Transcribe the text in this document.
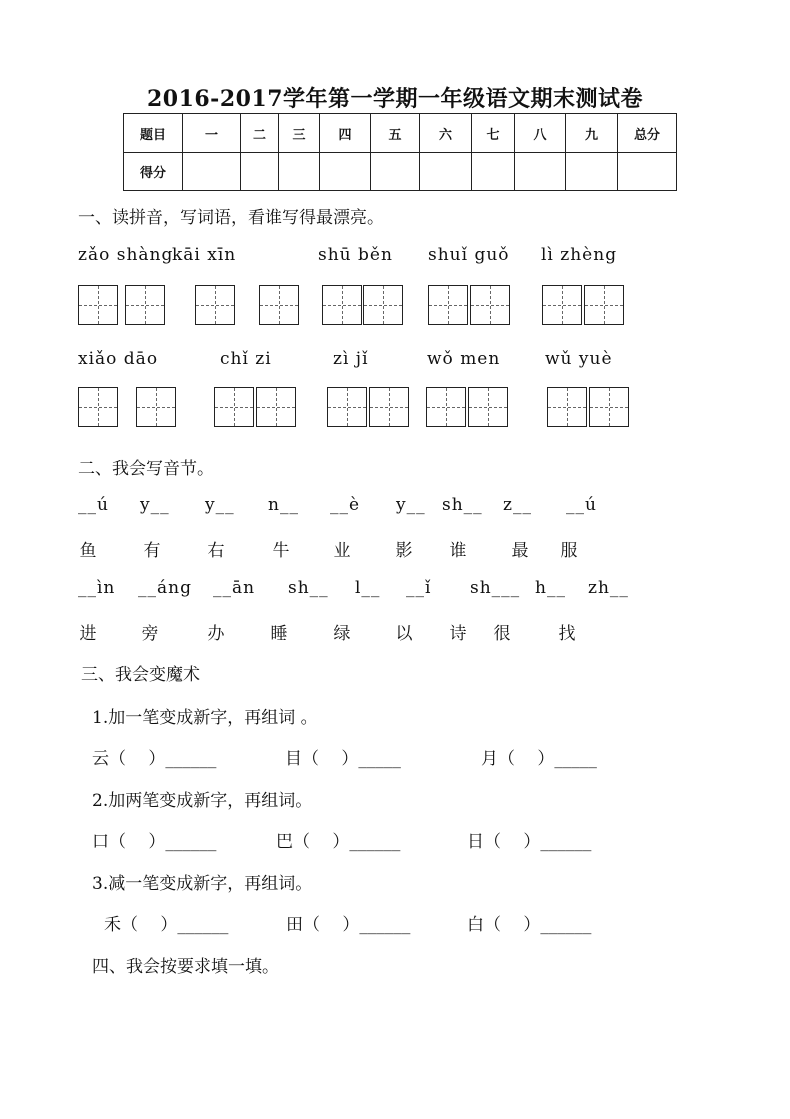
2016-2017学年第一学期一年级语文期末测试卷
题目	一	二	三	四	五	六	七	八	九	总分
得分										
一、读拼音，写词语，看谁写得最漂亮。
zǎo shàng
kāi xīn	shū běn shuǐ guǒ lì zhèng
xiǎo dāo	chǐ zi	zì jǐ	wǒ men	wǔ yuè
二、我会写音节。
__ú y__ y__ n__ __è y__ sh__ z__ __ú
鱼	有	右	牛	业	影	谁	最	服
__ìn __áng __ān sh__ l__ __ǐ sh___ h__ zh__
进	旁	办	睡	绿	以	诗	很	找
三、我会变魔术
1.加一笔变成新字，再组词 。
云（　 ）______	目（　 ）_____	月（　 ）_____
2.加两笔变成新字，再组词。
口（　 ）______	巴（　 ）______	日（　 ）______
3.减一笔变成新字，再组词。
禾（　 ）______	田（　 ）______	白（　 ）______
四、我会按要求填一填。
